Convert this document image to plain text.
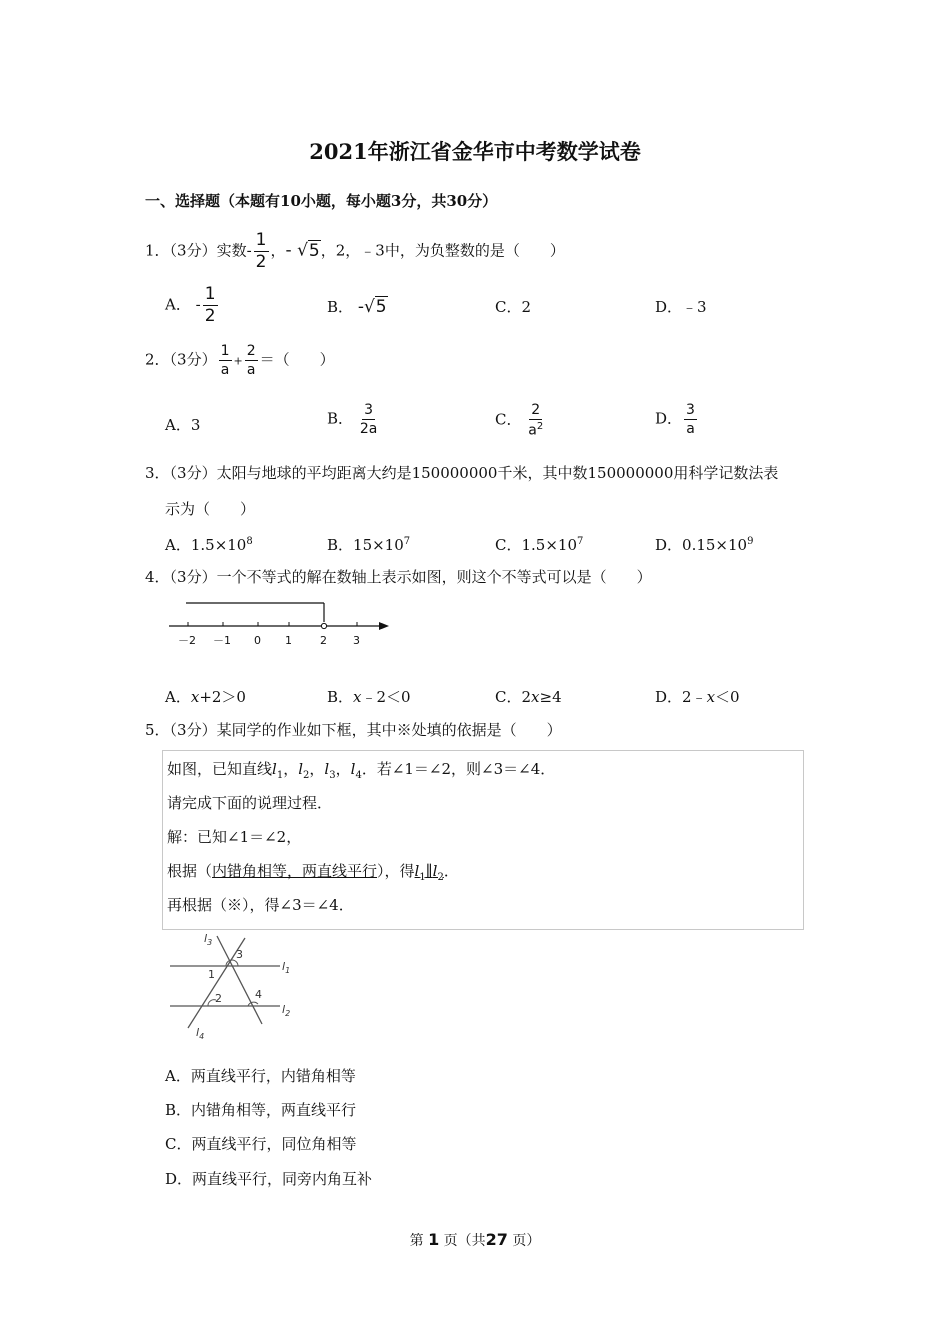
2021年浙江省金华市中考数学试卷
一、选择题（本题有10小题，每小题3分，共30分）
1．（3分）实数- $\frac{1}{2}$ ，- √5，2，﹣3中，为负整数的是（　　）
A． - $\frac{1}{2}$	B． -√5	C．2	D．﹣3
2．（3分） $\frac{1}{a} + \frac{2}{a}$ ＝（　　）
A．3	B． $\frac{3}{2a}$	C． $\frac{2}{a^2}$	D． $\frac{3}{a}$
3．（3分）太阳与地球的平均距离大约是150000000千米，其中数150000000用科学记数法表
示为（　　）
A．$1.5\times 10^8$	B．$15\times 10^7$	C．$1.5\times 10^7$	D．$0.15\times 10^9$
4．（3分）一个不等式的解在数轴上表示如图，则这个不等式可以是（　　）
－2 －1 0 1	2 3
A．x+2＞0	B．x﹣2＜0	C．2x≥4	D．2﹣x＜0
5．（3分）某同学的作业如下框，其中※处填的依据是（　　）
如图，已知直线$l_1$，$l_2$，$l_3$，$l_4$．若∠1＝∠2，则∠3＝∠4．
请完成下面的说理过程．
解：已知∠1＝∠2，
根据（内错角相等，两直线平行），得$l_1\parallel l_2$．
再根据（※），得∠3＝∠4．
$l_3$
$l_1$
$l_2$
$l_4$
3
1
2	4
A．两直线平行，内错角相等
B．内错角相等，两直线平行
C．两直线平行，同位角相等
D．两直线平行，同旁内角互补
第 1 页（共27 页）
